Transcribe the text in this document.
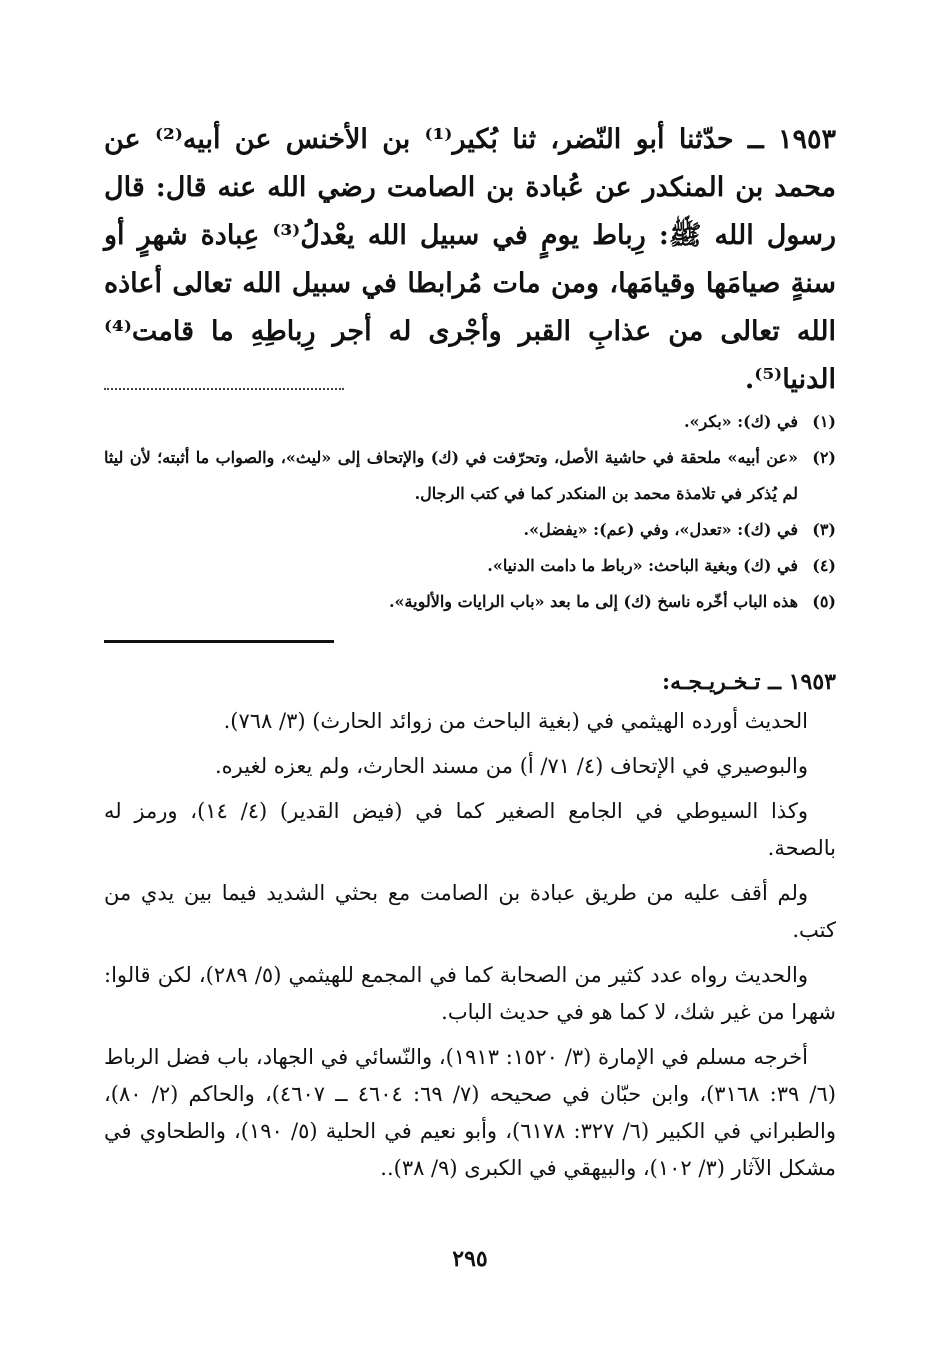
١٩٥٣ ــ حدّثنا أبو النّضر، ثنا بُكير⁽¹⁾ بن الأخنس عن أبيه⁽²⁾ عن محمد بن المنكدر عن عُبادة بن الصامت رضي الله عنه قال: قال رسول الله ﷺ: رِباط يومٍ في سبيل الله يعْدلُ⁽³⁾ عِبادة شهرٍ أو سنةٍ صيامَها وقيامَها، ومن مات مُرابطا في سبيل الله تعالى أعاذه الله تعالى من عذابِ القبر وأجْرى له أجر رِباطِهِ ما قامت⁽⁴⁾ الدنيا⁽⁵⁾.
(١)
في (ك): «بكر».
(٢)
«عن أبيه» ملحقة في حاشية الأصل، وتحرّفت في (ك) والإتحاف إلى «ليث»، والصواب ما أثبته؛ لأن ليثا لم يُذكر في تلامذة محمد بن المنكدر كما في كتب الرجال.
(٣)
في (ك): «تعدل»، وفي (عم): «يفضل».
(٤)
في (ك) وبغية الباحث: «رباط ما دامت الدنيا».
(٥)
هذه الباب أخّره ناسخ (ك) إلى ما بعد «باب الرايات والألوية».
١٩٥٣ ــ تـخـريـجـه:

الحديث أورده الهيثمي في (بغية الباحث من زوائد الحارث) (٣/ ٧٦٨).

والبوصيري في الإتحاف (٤/ ٧١/ أ) من مسند الحارث، ولم يعزه لغيره.

وكذا السيوطي في الجامع الصغير كما في (فيض القدير) (٤/ ١٤)، ورمز له بالصحة.

ولم أقف عليه من طريق عبادة بن الصامت مع بحثي الشديد فيما بين يدي من كتب.

والحديث رواه عدد كثير من الصحابة كما في المجمع للهيثمي (٥/ ٢٨٩)، لكن قالوا: شهرا من غير شك، لا كما هو في حديث الباب.

أخرجه مسلم في الإمارة (٣/ ١٥٢٠: ١٩١٣)، والنّسائي في الجهاد، باب فضل الرباط (٦/ ٣٩: ٣١٦٨)، وابن حبّان في صحيحه (٧/ ٦٩: ٤٦٠٤ ــ ٤٦٠٧)، والحاكم (٢/ ٨٠)، والطبراني في الكبير (٦/ ٣٢٧: ٦١٧٨)، وأبو نعيم في الحلية (٥/ ١٩٠)، والطحاوي في مشكل الآثار (٣/ ١٠٢)، والبيهقي في الكبرى (٩/ ٣٨)..

٢٩٥
